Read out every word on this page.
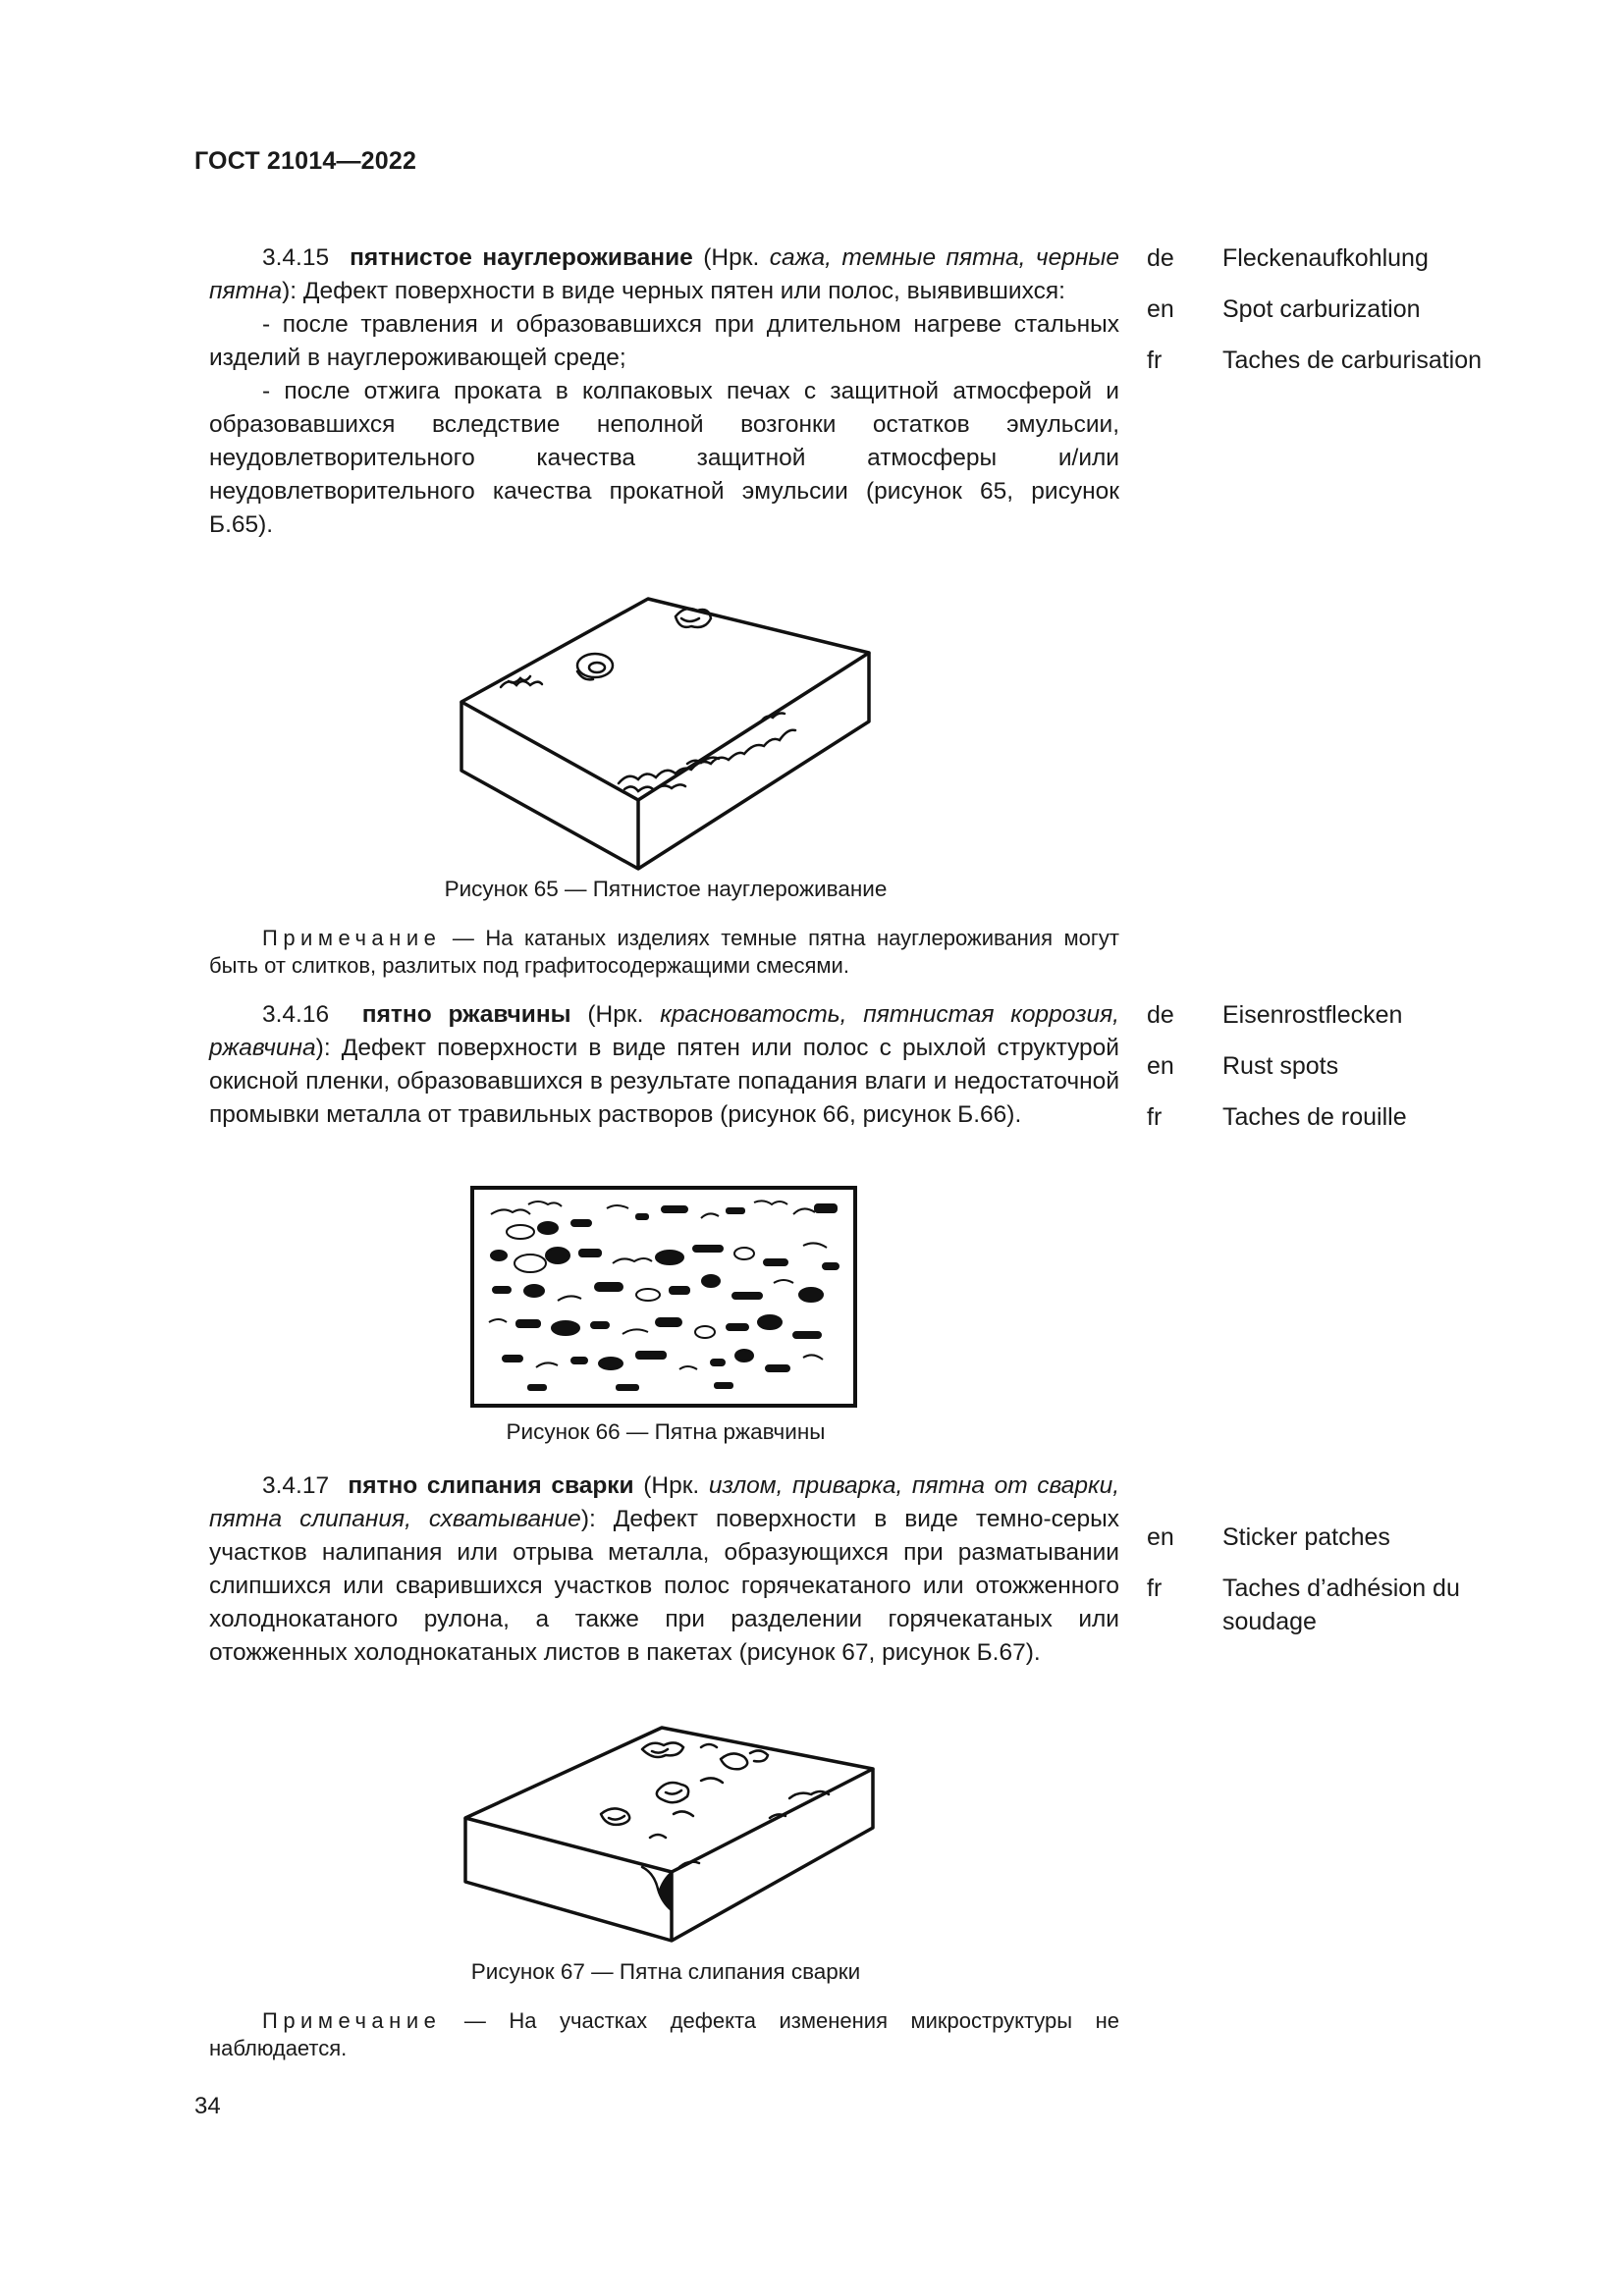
ГОСТ 21014—2022

3.4.15 пятнистое науглероживание (Нрк. сажа, темные пятна, черные пятна): Дефект поверхности в виде черных пятен или полос, выявившихся:

- после травления и образовавшихся при длительном нагреве стальных изделий в науглероживающей среде;

- после отжига проката в колпаковых печах с защитной атмосферой и образовавшихся вследствие неполной возгонки остатков эмульсии, неудовлетворительного качества защитной атмосферы и/или неудовлетворительного качества прокатной эмульсии (рисунок 65, рисунок Б.65).

de	Fleckenaufkohlung
en	Spot carburization
fr	Taches de carburisation
Рисунок 65 — Пятнистое науглероживание
Примечание — На катаных изделиях темные пятна науглероживания могут быть от слитков, разлитых под графитосодержащими смесями.

3.4.16 пятно ржавчины (Нрк. красноватость, пятнистая коррозия, ржавчина): Дефект поверхности в виде пятен или полос с рыхлой структурой окисной пленки, образовавшихся в результате попадания влаги и недостаточной промывки металла от травильных растворов (рисунок 66, рисунок Б.66).

de	Eisenrostflecken
en	Rust spots
fr	Taches de rouille
Рисунок 66 — Пятна ржавчины

3.4.17 пятно слипания сварки (Нрк. излом, приварка, пятна от сварки, пятна слипания, схватывание): Дефект поверхности в виде темно-серых участков налипания или отрыва металла, образующихся при разматывании слипшихся или сварившихся участков полос горячекатаного или отожженного холоднокатаного рулона, а также при разделении горячекатаных или отожженных холоднокатаных листов в пакетах (рисунок 67, рисунок Б.67).

en	Sticker patches
fr	Taches d’adhésion du soudage
Рисунок 67 — Пятна слипания сварки
Примечание — На участках дефекта изменения микроструктуры не наблюдается.
34
